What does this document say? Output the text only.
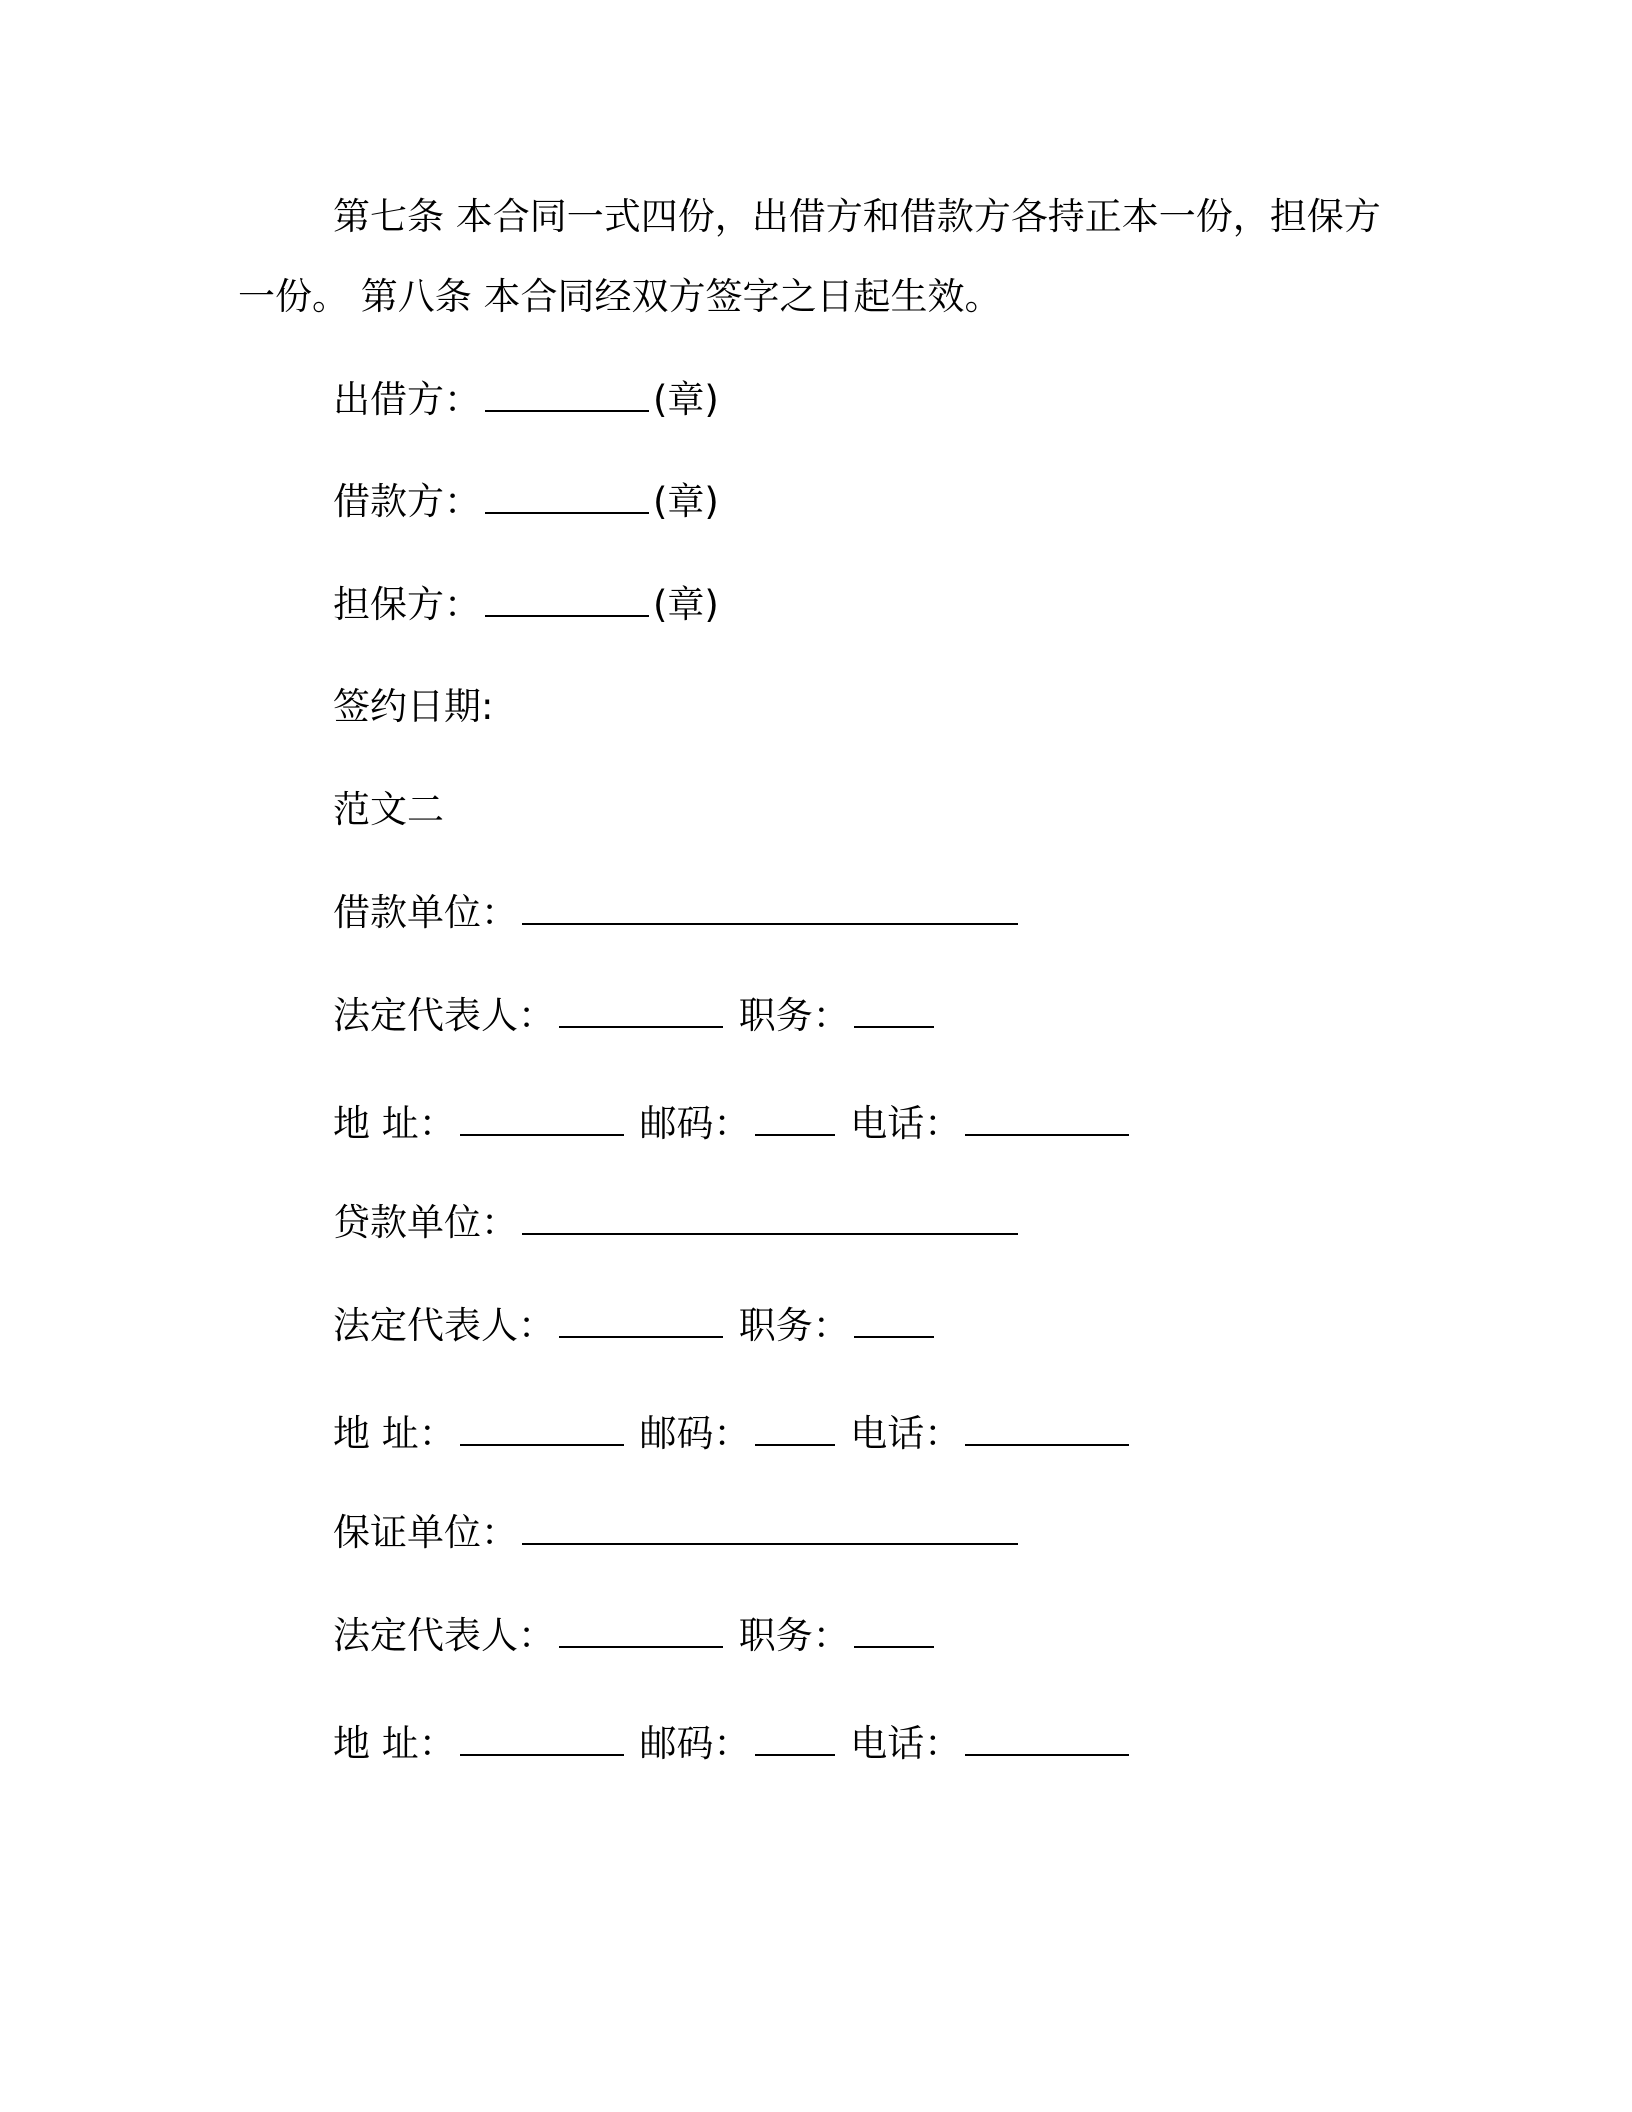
第七条 本合同一式四份，出借方和借款方各持正本一份，担保方一份。 第八条 本合同经双方签字之日起生效。
出借方：	(章)
借款方：	(章)
担保方：	(章)
签约日期:
范文二
借款单位：
法定代表人：	职务：
地 址：	邮码：	电话：
贷款单位：
法定代表人：	职务：
地 址：	邮码：	电话：
保证单位：
法定代表人：	职务：
地 址：	邮码：	电话：
